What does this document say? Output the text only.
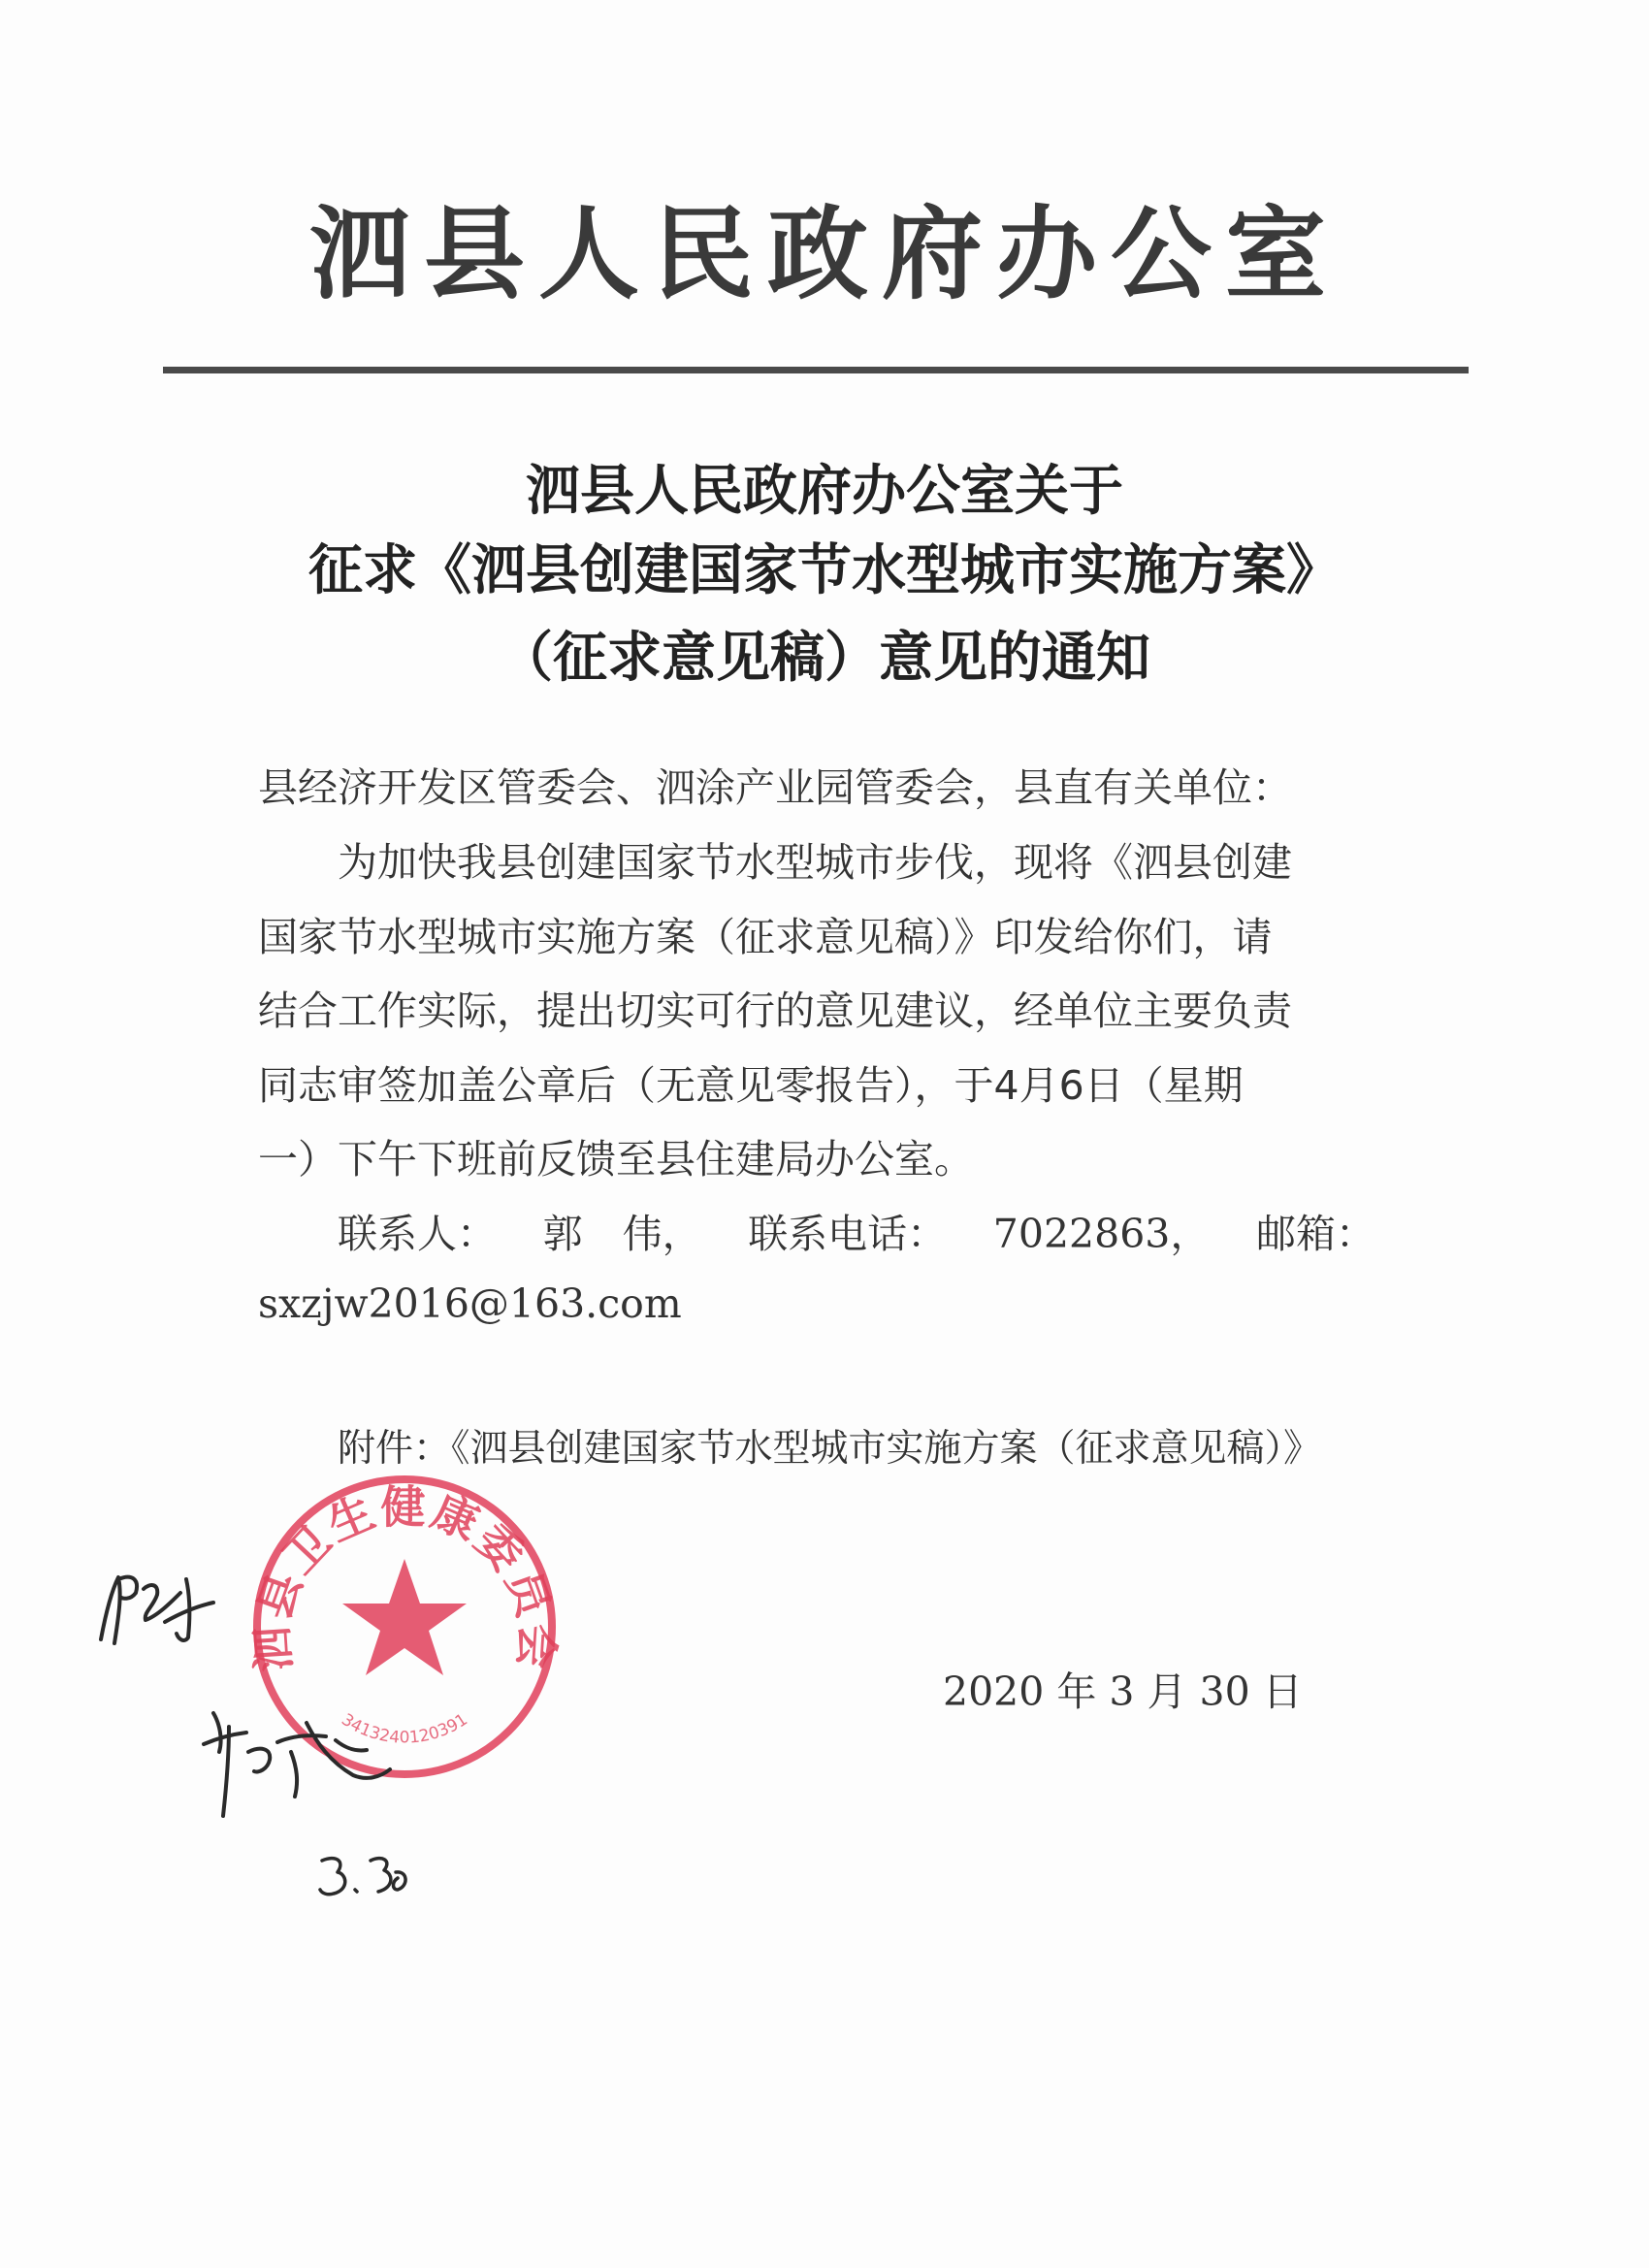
泗县人民政府办公室
泗县人民政府办公室关于
征求《泗县创建国家节水型城市实施方案》
（征求意见稿）意见的通知
县经济开发区管委会、泗涂产业园管委会，县直有关单位：
为加快我县创建国家节水型城市步伐，现将《泗县创建
国家节水型城市实施方案（征求意见稿）》印发给你们，请
结合工作实际，提出切实可行的意见建议，经单位主要负责
同志审签加盖公章后（无意见零报告），于4月6日（星期
一）下午下班前反馈至县住建局办公室。
联系人： 郭　伟， 联系电话： 7022863， 邮箱：
sxzjw2016@163.com
附件：《泗县创建国家节水型城市实施方案（征求意见稿）》
2020 年 3 月 30 日
泗县卫生健康委员会
3413240120391
